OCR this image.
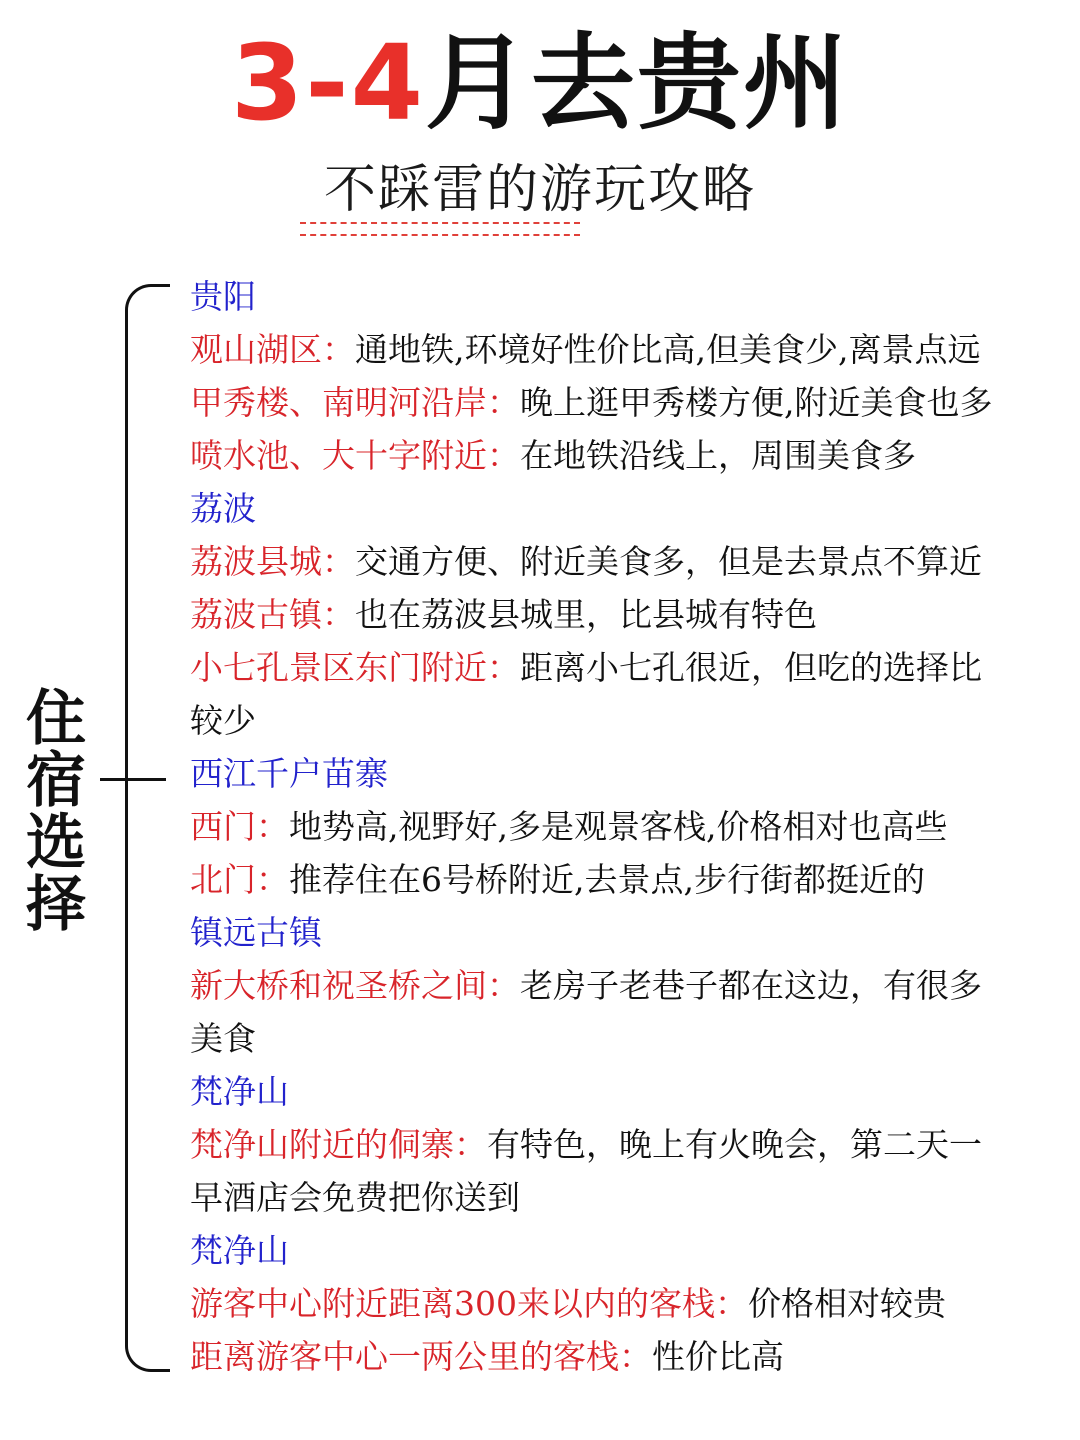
3-4月去贵州
不踩雷的游玩攻略
住宿选择
贵阳
观山湖区：通地铁,环境好性价比高,但美食少,离景点远
甲秀楼、南明河沿岸：晚上逛甲秀楼方便,附近美食也多
喷水池、大十字附近：在地铁沿线上，周围美食多
荔波
荔波县城：交通方便、附近美食多，但是去景点不算近
荔波古镇：也在荔波县城里，比县城有特色
小七孔景区东门附近：距离小七孔很近，但吃的选择比
较少
西江千户苗寨
西门：地势高,视野好,多是观景客栈,价格相对也高些
北门：推荐住在6号桥附近,去景点,步行街都挺近的
镇远古镇
新大桥和祝圣桥之间：老房子老巷子都在这边，有很多
美食
梵净山
梵净山附近的侗寨：有特色，晚上有火晚会，第二天一
早酒店会免费把你送到
梵净山
游客中心附近距离300来以内的客栈：价格相对较贵
距离游客中心一两公里的客栈：性价比高
